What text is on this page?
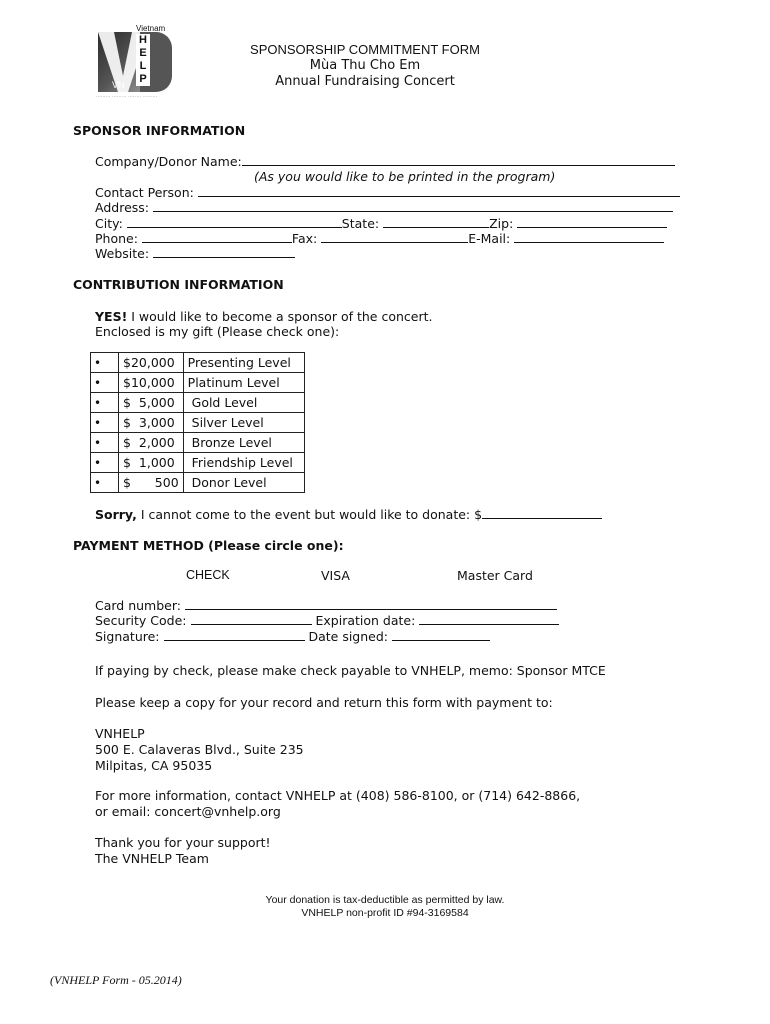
VN
Vietnam
HELP
········· ········· ········ ·········
SPONSORSHIP COMMITMENT FORM
Mùa Thu Cho Em
Annual Fundraising Concert
SPONSOR INFORMATION
Company/Donor Name:
(As you would like to be printed in the program)
Contact Person:
Address:
City:	State:	Zip:
Phone:	Fax:	E-Mail:
Website:
CONTRIBUTION INFORMATION
YES! I would like to become a sponsor of the concert.
Enclosed is my gift (Please check one):
•	$20,000	Presenting Level
•	$10,000	Platinum Level
•	$  5,000	Gold Level
•	$  3,000	Silver Level
•	$  2,000	Bronze Level
•	$  1,000	Friendship Level
•	$      500	Donor Level
Sorry, I cannot come to the event but would like to donate: $
PAYMENT METHOD (Please circle one):
CHECK	VISA	Master Card
Card number:
Security Code:	Expiration date:
Signature:	Date signed:
If paying by check, please make check payable to VNHELP, memo: Sponsor MTCE
Please keep a copy for your record and return this form with payment to:
VNHELP
500 E. Calaveras Blvd., Suite 235
Milpitas, CA 95035
For more information, contact VNHELP at (408) 586-8100, or (714) 642-8866,
or email: concert@vnhelp.org
Thank you for your support!
The VNHELP Team
Your donation is tax-deductible as permitted by law.
VNHELP non-profit ID #94-3169584
(VNHELP Form - 05.2014)
